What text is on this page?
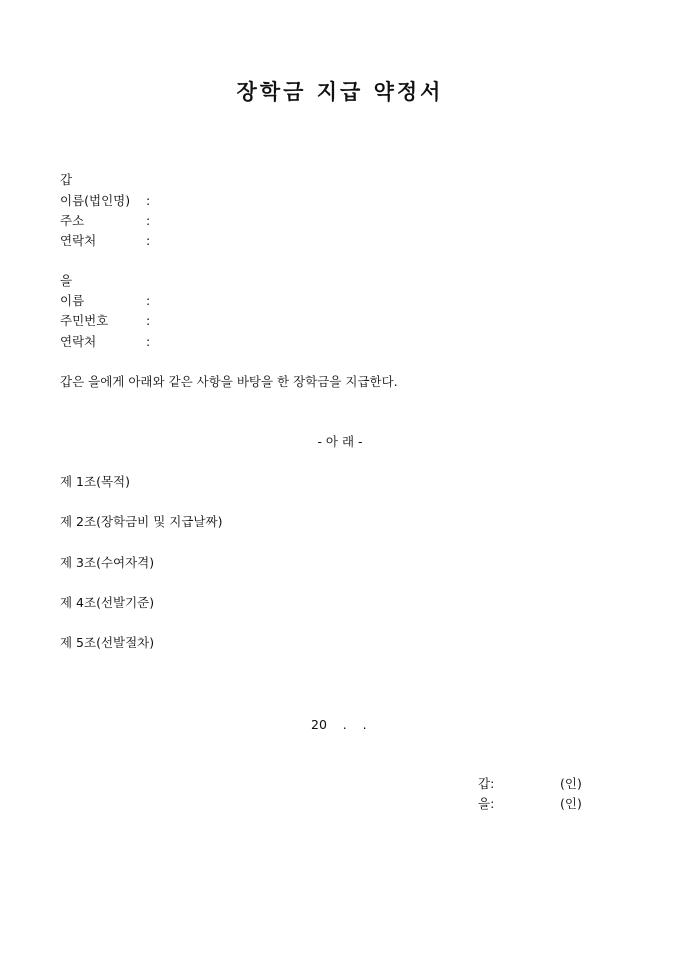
장학금 지급 약정서
갑
이름(법인명) :
주소	:
연락처	:
을
이름	:
주민번호	:
연락처	:
갑은 을에게 아래와 같은 사항을 바탕을 한 장학금을 지급한다.
- 아 래 -
제 1조(목적)
제 2조(장학금비 및 지급날짜)
제 3조(수여자격)
제 4조(선발기준)
제 5조(선발절차)
20    .    .
갑:	(인)
을:	(인)
